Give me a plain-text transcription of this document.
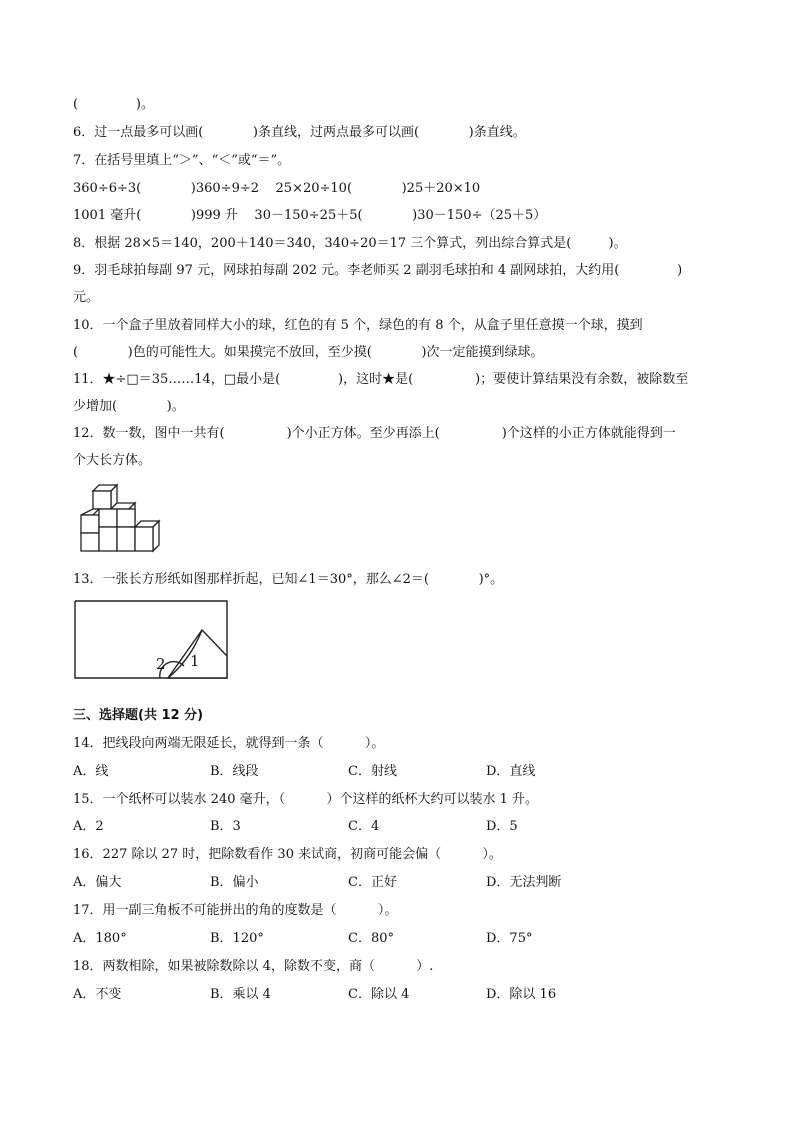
(              )。
6．过一点最多可以画(            )条直线，过两点最多可以画(            )条直线。
7．在括号里填上“＞”、“＜”或“＝”。
360÷6÷3(            )360÷9÷2    25×20÷10(            )25＋20×10
1001 毫升(            )999 升    30－150÷25＋5(            )30－150÷（25＋5）
8．根据 28×5＝140，200＋140＝340，340÷20＝17 三个算式，列出综合算式是(         )。
9．羽毛球拍每副 97 元，网球拍每副 202 元。李老师买 2 副羽毛球拍和 4 副网球拍，大约用(              )
元。
10．一个盒子里放着同样大小的球，红色的有 5 个，绿色的有 8 个，从盒子里任意摸一个球，摸到
(            )色的可能性大。如果摸完不放回，至少摸(            )次一定能摸到绿球。
11．★÷□＝35……14，□最小是(              )，这时★是(               )；要使计算结果没有余数，被除数至
少增加(            )。
12．数一数，图中一共有(               )个小正方体。至少再添上(               )个这样的小正方体就能得到一
个大长方体。
13．一张长方形纸如图那样折起，已知∠1＝30°，那么∠2＝(            )°。
2 1
三、选择题(共 12 分)
14．把线段向两端无限延长，就得到一条（          ）。
A．线	B．线段	C．射线	D．直线
15．一个纸杯可以装水 240 毫升，（          ）个这样的纸杯大约可以装水 1 升。
A．2	B．3	C．4	D．5
16．227 除以 27 时，把除数看作 30 来试商，初商可能会偏（          ）。
A．偏大	B．偏小	C．正好	D．无法判断
17．用一副三角板不可能拼出的角的度数是（          ）。
A．180°	B．120°	C．80°	D．75°
18．两数相除，如果被除数除以 4，除数不变，商（          ）.
A．不变	B．乘以 4	C．除以 4	D．除以 16
